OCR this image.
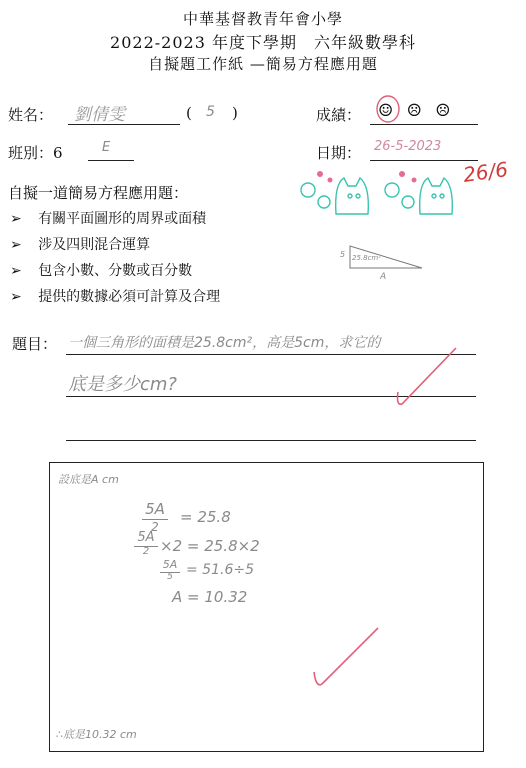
中華基督教青年會小學
2022-2023 年度下學期　六年級數學科
自擬題工作紙 —簡易方程應用題
姓名： 劉倩雯	( 5 )	成績： ☺ ☹ ☹
班別：6	E	日期： 26-5-2023
26/6
自擬一道簡易方程應用題：
➢ 有關平面圖形的周界或面積
➢ 涉及四則混合運算
➢ 包含小數、分數或百分數
➢ 提供的數據必須可計算及合理
5 25.8cm²
A
題目： 一個三角形的面積是25.8cm²，高是5cm，求它的
底是多少cm?
設底是A cm
5A
2
= 25.8
5A
2 ×2 = 25.8×2
5A
5 = 51.6÷5
A = 10.32
∴底是10.32 cm
